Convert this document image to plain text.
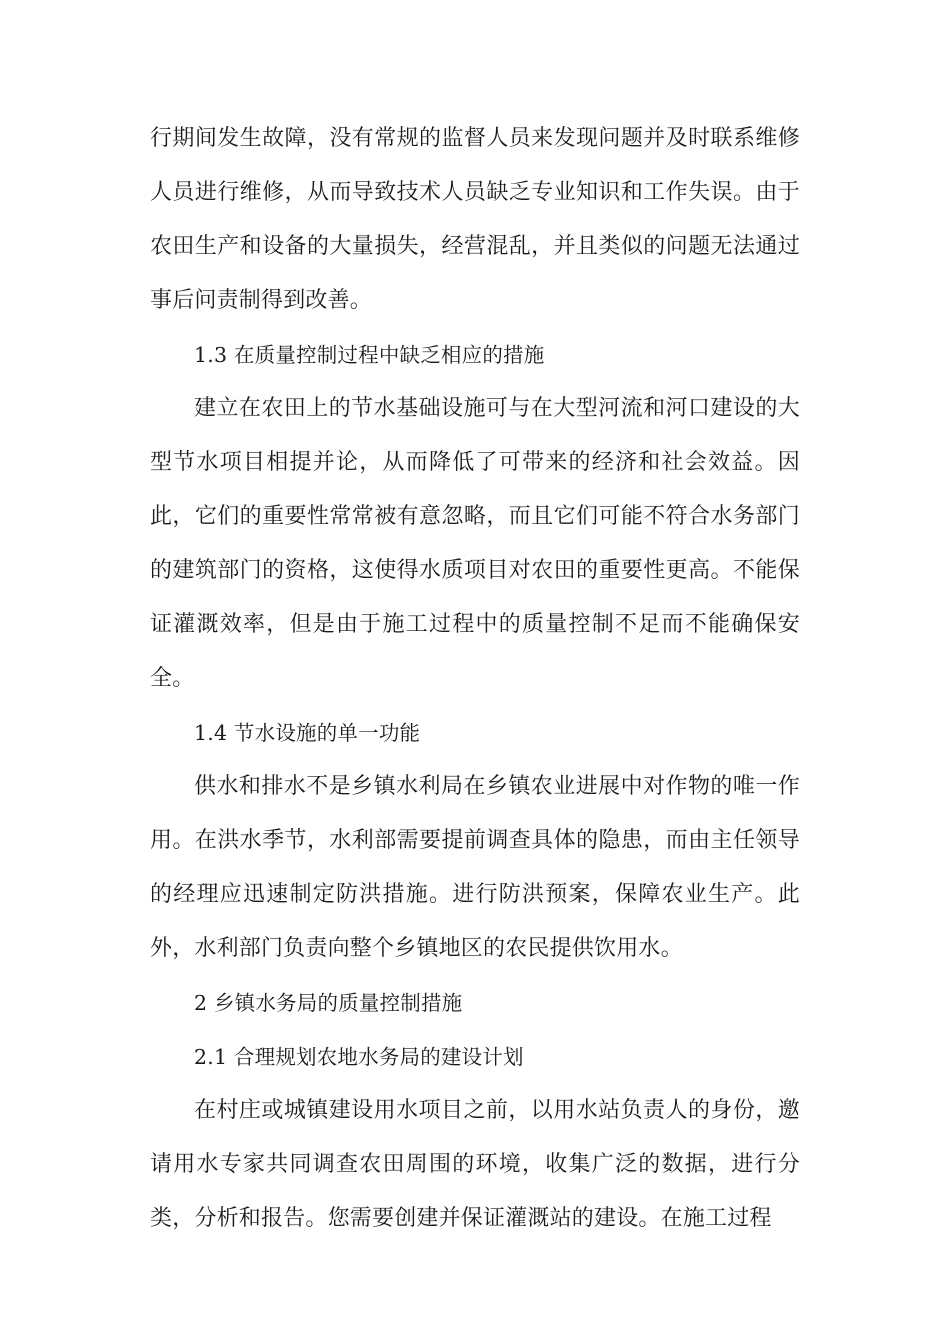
行期间发生故障，没有常规的监督人员来发现问题并及时联系维修人员进行维修，从而导致技术人员缺乏专业知识和工作失误。由于农田生产和设备的大量损失，经营混乱，并且类似的问题无法通过事后问责制得到改善。

1.3 在质量控制过程中缺乏相应的措施

建立在农田上的节水基础设施可与在大型河流和河口建设的大型节水项目相提并论，从而降低了可带来的经济和社会效益。因此，它们的重要性常常被有意忽略，而且它们可能不符合水务部门的建筑部门的资格，这使得水质项目对农田的重要性更高。不能保证灌溉效率，但是由于施工过程中的质量控制不足而不能确保安全。

1.4 节水设施的单一功能

供水和排水不是乡镇水利局在乡镇农业进展中对作物的唯一作用。在洪水季节，水利部需要提前调查具体的隐患，而由主任领导的经理应迅速制定防洪措施。进行防洪预案，保障农业生产。此外，水利部门负责向整个乡镇地区的农民提供饮用水。

2 乡镇水务局的质量控制措施

2.1 合理规划农地水务局的建设计划

在村庄或城镇建设用水项目之前，以用水站负责人的身份，邀请用水专家共同调查农田周围的环境，收集广泛的数据，进行分类，分析和报告。您需要创建并保证灌溉站的建设。在施工过程
